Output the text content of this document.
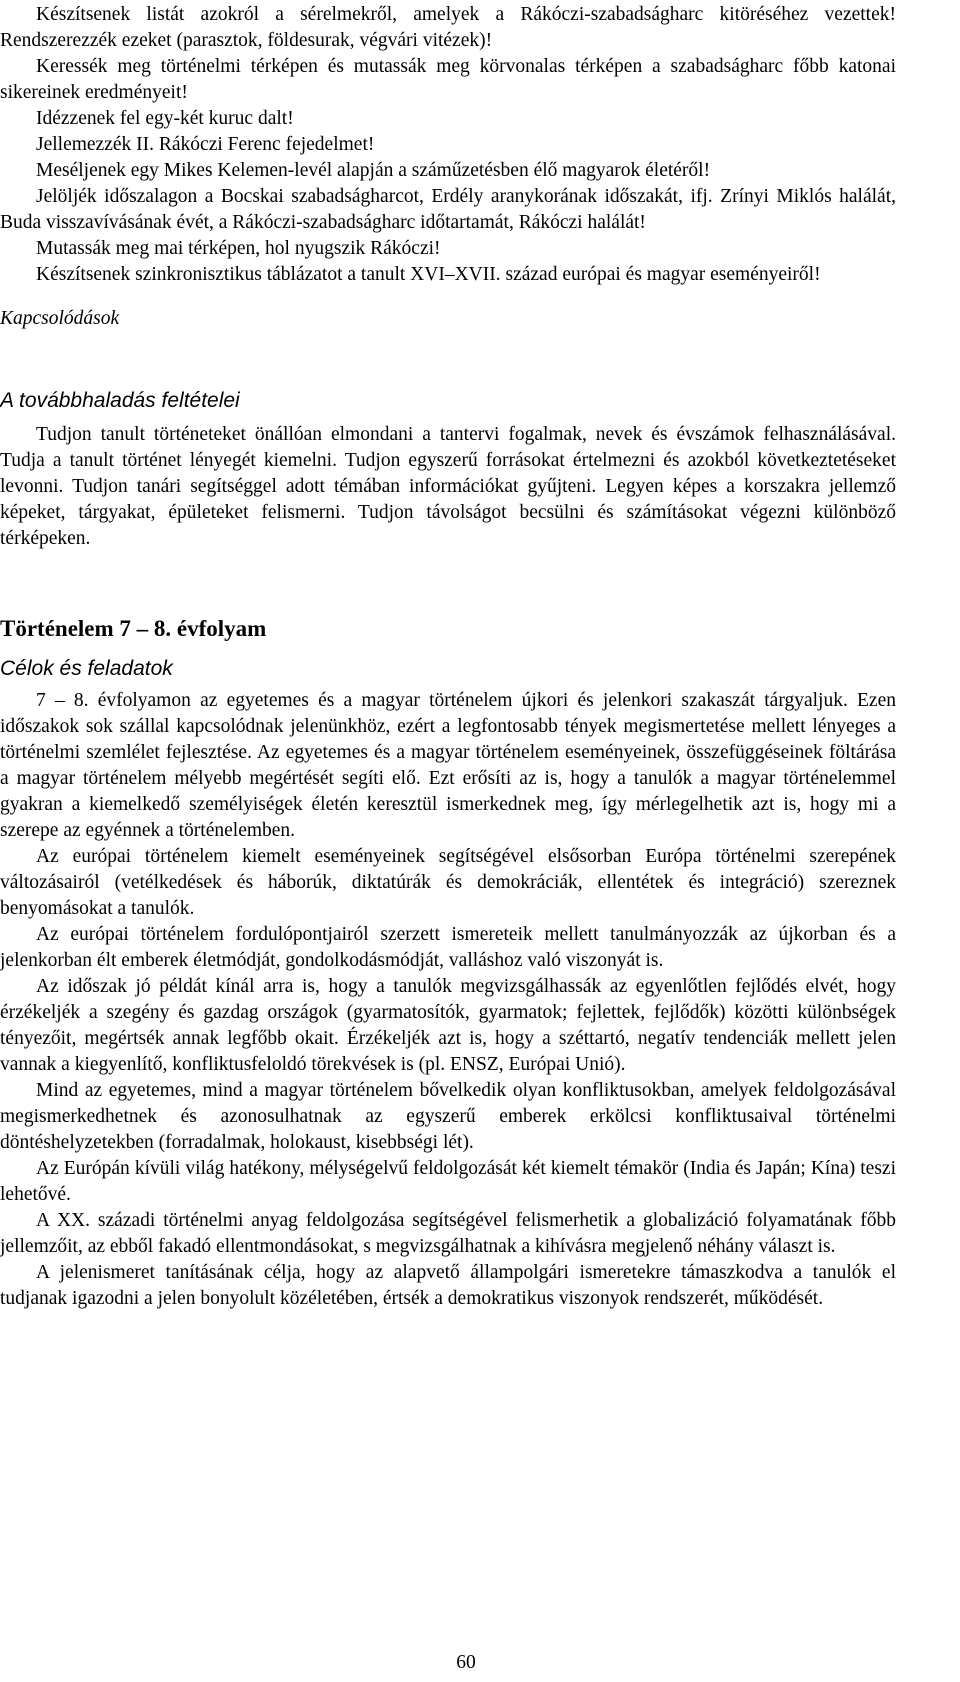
Készítsenek listát azokról a sérelmekről, amelyek a Rákóczi-szabadságharc kitöréséhez vezettek! Rendszerezzék ezeket (parasztok, földesurak, végvári vitézek)!

Keressék meg történelmi térképen és mutassák meg körvonalas térképen a szabadságharc főbb katonai sikereinek eredményeit!

Idézzenek fel egy-két kuruc dalt!

Jellemezzék II. Rákóczi Ferenc fejedelmet!

Meséljenek egy Mikes Kelemen-levél alapján a száműzetésben élő magyarok életéről!

Jelöljék időszalagon a Bocskai szabadságharcot, Erdély aranykorának időszakát, ifj. Zrínyi Miklós halálát, Buda visszavívásának évét, a Rákóczi-szabadságharc időtartamát, Rákóczi halálát!

Mutassák meg mai térképen, hol nyugszik Rákóczi!

Készítsenek szinkronisztikus táblázatot a tanult XVI–XVII. század európai és magyar eseményeiről!

Kapcsolódások

A továbbhaladás feltételei

Tudjon tanult történeteket önállóan elmondani a tantervi fogalmak, nevek és évszámok felhasználásával. Tudja a tanult történet lényegét kiemelni. Tudjon egyszerű forrásokat értelmezni és azokból következtetéseket levonni. Tudjon tanári segítséggel adott témában információkat gyűjteni. Legyen képes a korszakra jellemző képeket, tárgyakat, épületeket felismerni. Tudjon távolságot becsülni és számításokat végezni különböző térképeken.

Történelem 7 – 8. évfolyam
Célok és feladatok

7 – 8. évfolyamon az egyetemes és a magyar történelem újkori és jelenkori szakaszát tárgyaljuk. Ezen időszakok sok szállal kapcsolódnak jelenünkhöz, ezért a legfontosabb tények megismertetése mellett lényeges a történelmi szemlélet fejlesztése. Az egyetemes és a magyar történelem eseményeinek, összefüggéseinek föltárása a magyar történelem mélyebb megértését segíti elő. Ezt erősíti az is, hogy a tanulók a magyar történelemmel gyakran a kiemelkedő személyiségek életén keresztül ismerkednek meg, így mérlegelhetik azt is, hogy mi a szerepe az egyénnek a történelemben.

Az európai történelem kiemelt eseményeinek segítségével elsősorban Európa történelmi szerepének változásairól (vetélkedések és háborúk, diktatúrák és demokráciák, ellentétek és integráció) szereznek benyomásokat a tanulók.

Az európai történelem fordulópontjairól szerzett ismereteik mellett tanulmányozzák az újkorban és a jelenkorban élt emberek életmódját, gondolkodásmódját, valláshoz való viszonyát is.

Az időszak jó példát kínál arra is, hogy a tanulók megvizsgálhassák az egyenlőtlen fejlődés elvét, hogy érzékeljék a szegény és gazdag országok (gyarmatosítók, gyarmatok; fejlettek, fejlődők) közötti különbségek tényezőit, megértsék annak legfőbb okait. Érzékeljék azt is, hogy a széttartó, negatív tendenciák mellett jelen vannak a kiegyenlítő, konfliktusfeloldó törekvések is (pl. ENSZ, Európai Unió).

Mind az egyetemes, mind a magyar történelem bővelkedik olyan konfliktusokban, amelyek feldolgozásával megismerkedhetnek és azonosulhatnak az egyszerű emberek erkölcsi konfliktusaival történelmi döntéshelyzetekben (forradalmak, holokaust, kisebbségi lét).

Az Európán kívüli világ hatékony, mélységelvű feldolgozását két kiemelt témakör (India és Japán; Kína) teszi lehetővé.

A XX. századi történelmi anyag feldolgozása segítségével felismerhetik a globalizáció folyamatának főbb jellemzőit, az ebből fakadó ellentmondásokat, s megvizsgálhatnak a kihívásra megjelenő néhány választ is.

A jelenismeret tanításának célja, hogy az alapvető állampolgári ismeretekre támaszkodva a tanulók el tudjanak igazodni a jelen bonyolult közéletében, értsék a demokratikus viszonyok rendszerét, működését.

60
